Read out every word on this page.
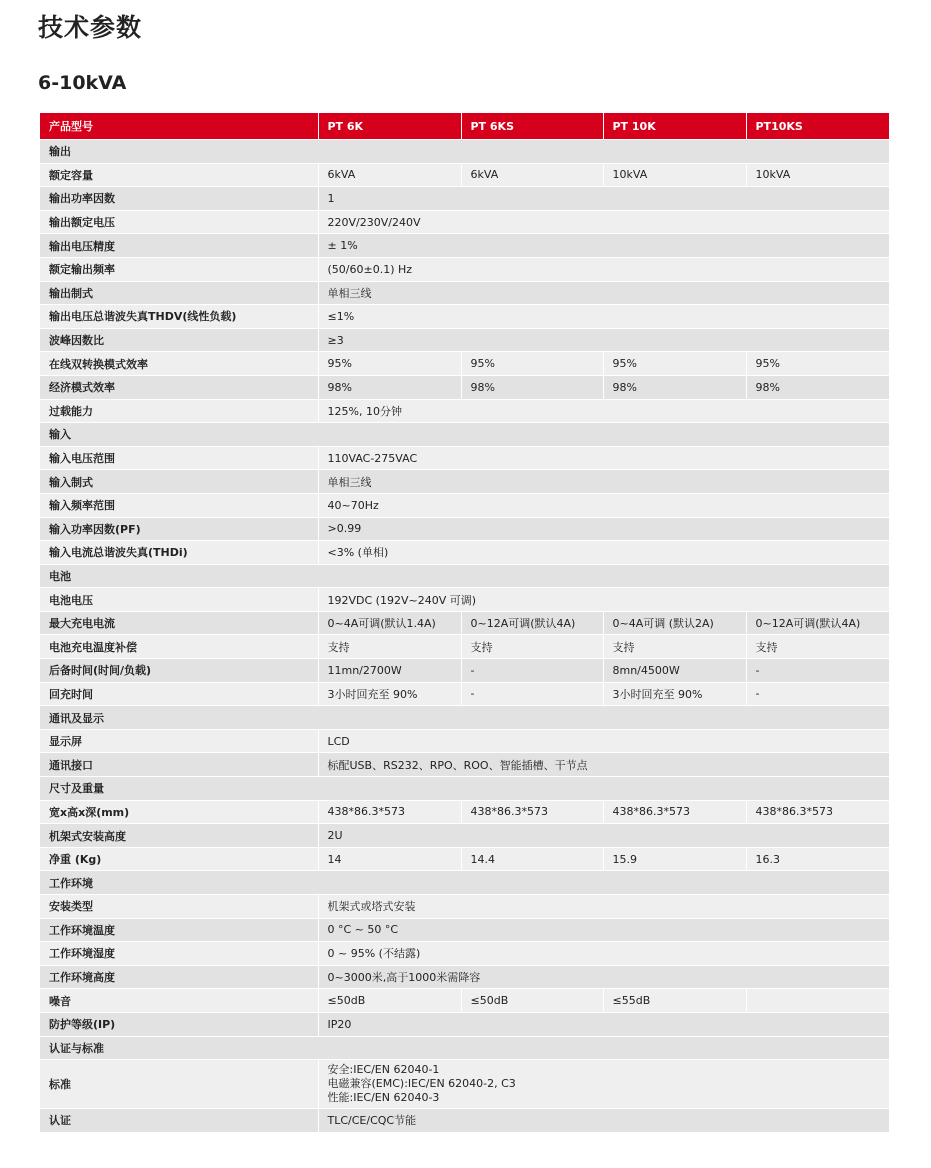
技术参数
6-10kVA
产品型号	PT 6K	PT 6KS	PT 10K	PT10KS
输出				
额定容量	6kVA	6kVA	10kVA	10kVA
输出功率因数	1			
输出额定电压	220V/230V/240V			
输出电压精度	± 1%			
额定输出频率	(50/60±0.1) Hz			
输出制式	单相三线			
输出电压总谐波失真THDV(线性负载)	≤1%			
波峰因数比	≥3			
在线双转换模式效率	95%	95%	95%	95%
经济模式效率	98%	98%	98%	98%
过载能力	125%, 10分钟			
输入				
输入电压范围	110VAC-275VAC			
输入制式	单相三线			
输入频率范围	40~70Hz			
输入功率因数(PF)	>0.99			
输入电流总谐波失真(THDi)	<3% (单相)			
电池				
电池电压	192VDC (192V~240V 可调)			
最大充电电流	0~4A可调(默认1.4A)	0~12A可调(默认4A)	0~4A可调 (默认2A)	0~12A可调(默认4A)
电池充电温度补偿	支持	支持	支持	支持
后备时间(时间/负载)	11mn/2700W	-	8mn/4500W	-
回充时间	3小时回充至 90%	-	3小时回充至 90%	-
通讯及显示				
显示屏	LCD			
通讯接口	标配USB、RS232、RPO、ROO、智能插槽、干节点			
尺寸及重量				
宽x高x深(mm)	438*86.3*573	438*86.3*573	438*86.3*573	438*86.3*573
机架式安装高度	2U			
净重 (Kg)	14	14.4	15.9	16.3
工作环境				
安装类型	机架式或塔式安装			
工作环境温度	0 °C ~ 50 °C			
工作环境湿度	0 ~ 95% (不结露)			
工作环境高度	0~3000米,高于1000米需降容			
噪音	≤50dB	≤50dB	≤55dB	
防护等级(IP)	IP20			
认证与标准				
标准	安全:IEC/EN 62040-1
电磁兼容(EMC):IEC/EN 62040-2, C3
性能:IEC/EN 62040-3			

认证	TLC/CE/CQC节能			
